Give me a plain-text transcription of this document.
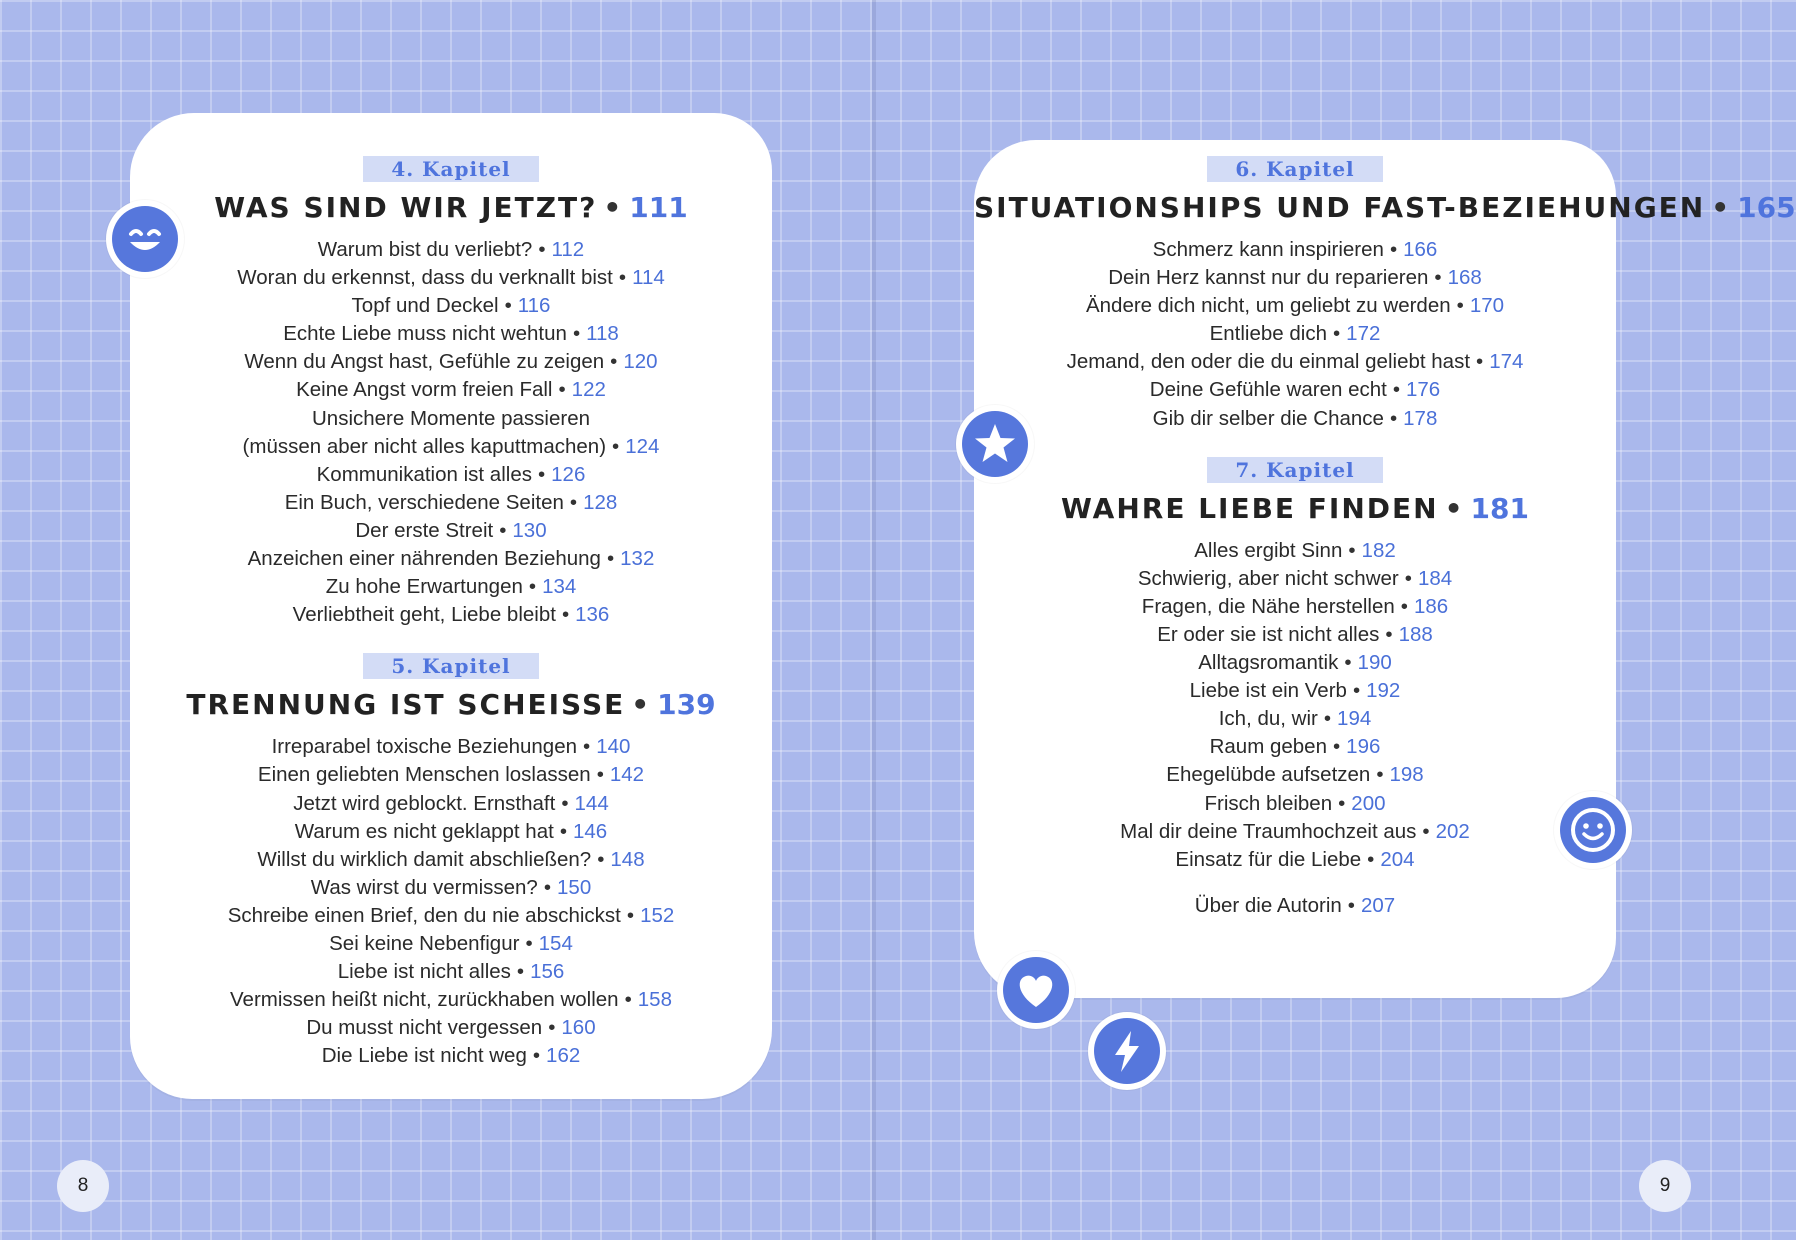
4. Kapitel
WAS SIND WIR JETZT? • 111
Warum bist du verliebt? • 112
Woran du erkennst, dass du verknallt bist • 114
Topf und Deckel • 116
Echte Liebe muss nicht wehtun • 118
Wenn du Angst hast, Gefühle zu zeigen • 120
Keine Angst vorm freien Fall • 122
Unsichere Momente passieren
(müssen aber nicht alles kaputtmachen) • 124
Kommunikation ist alles • 126
Ein Buch, verschiedene Seiten • 128
Der erste Streit • 130
Anzeichen einer nährenden Beziehung • 132
Zu hohe Erwartungen • 134
Verliebtheit geht, Liebe bleibt • 136
5. Kapitel
TRENNUNG IST SCHEISSE • 139
Irreparabel toxische Beziehungen • 140
Einen geliebten Menschen loslassen • 142
Jetzt wird geblockt. Ernsthaft • 144
Warum es nicht geklappt hat • 146
Willst du wirklich damit abschließen? • 148
Was wirst du vermissen? • 150
Schreibe einen Brief, den du nie abschickst • 152
Sei keine Nebenfigur • 154
Liebe ist nicht alles • 156
Vermissen heißt nicht, zurückhaben wollen • 158
Du musst nicht vergessen • 160
Die Liebe ist nicht weg • 162
6. Kapitel
SITUATIONSHIPS UND FAST-BEZIEHUNGEN • 165
Schmerz kann inspirieren • 166
Dein Herz kannst nur du reparieren • 168
Ändere dich nicht, um geliebt zu werden • 170
Entliebe dich • 172
Jemand, den oder die du einmal geliebt hast • 174
Deine Gefühle waren echt • 176
Gib dir selber die Chance • 178
7. Kapitel
WAHRE LIEBE FINDEN • 181
Alles ergibt Sinn • 182
Schwierig, aber nicht schwer • 184
Fragen, die Nähe herstellen • 186
Er oder sie ist nicht alles • 188
Alltagsromantik • 190
Liebe ist ein Verb • 192
Ich, du, wir • 194
Raum geben • 196
Ehegelübde aufsetzen • 198
Frisch bleiben • 200
Mal dir deine Traumhochzeit aus • 202
Einsatz für die Liebe • 204
Über die Autorin • 207
8	9
